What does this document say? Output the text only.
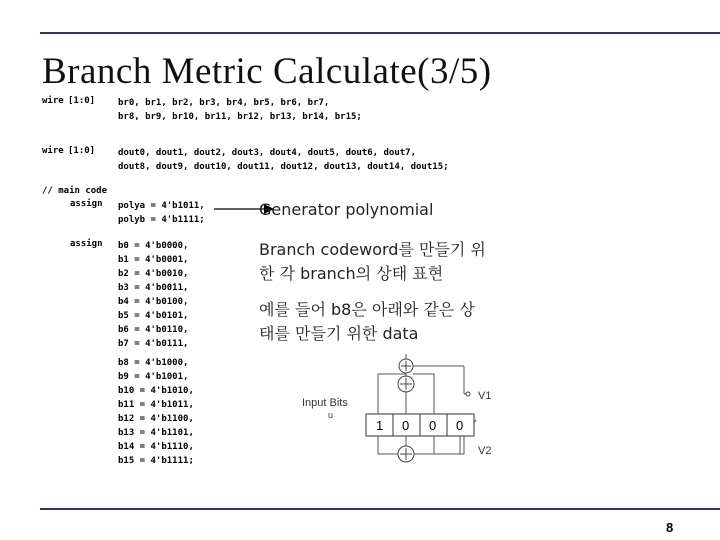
Branch Metric Calculate(3/5)
wire [1:0]	br0, br1, br2, br3, br4, br5, br6, br7,
br8, br9, br10, br11, br12, br13, br14, br15;
wire [1:0]	dout0, dout1, dout2, dout3, dout4, dout5, dout6, dout7,
dout8, dout9, dout10, dout11, dout12, dout13, dout14, dout15;
// main code
assign polya = 4'b1011,
polyb = 4'b1111;
assign b0 = 4'b0000,
b1 = 4'b0001,
b2 = 4'b0010,
b3 = 4'b0011,
b4 = 4'b0100,
b5 = 4'b0101,
b6 = 4'b0110,
b7 = 4'b0111,
b8 = 4'b1000,
b9 = 4'b1001,
b10 = 4'b1010,
b11 = 4'b1011,
b12 = 4'b1100,
b13 = 4'b1101,
b14 = 4'b1110,
b15 = 4'b1111;
Generator polynomial
Branch codeword를 만들기 위
한 각 branch의 상태 표현
예를 들어 b8은 아래와 같은 상
태를 만들기 위한 data
1 0 0 0
Input Bits
u
V1
V2
8
